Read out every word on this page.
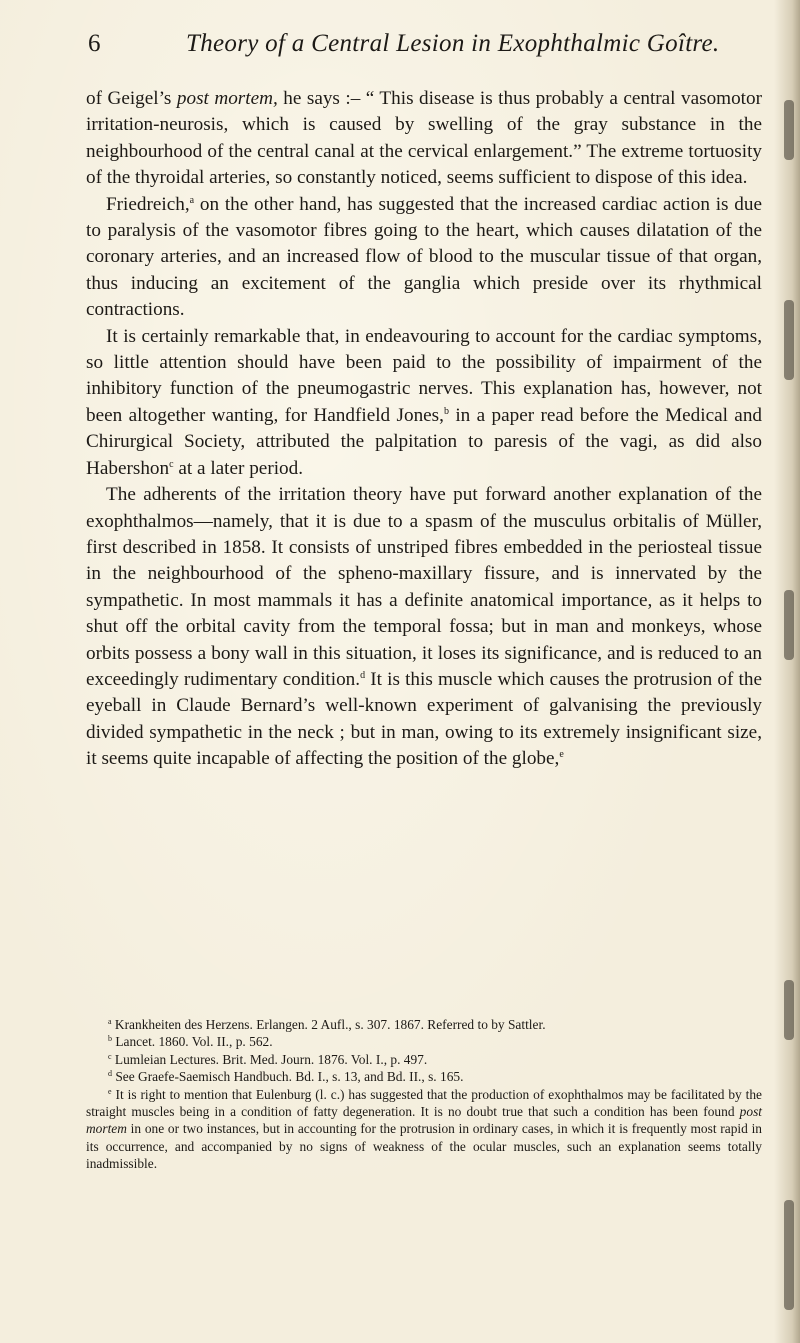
6	Theory of a Central Lesion in Exophthalmic Goître.

of Geigel’s post mortem, he says :– “ This disease is thus probably a central vasomotor irritation-neurosis, which is caused by swelling of the gray substance in the neighbourhood of the central canal at the cervical enlargement.” The extreme tortuosity of the thyroidal arteries, so constantly noticed, seems sufficient to dispose of this idea.

Friedreich,$^a$ on the other hand, has suggested that the increased cardiac action is due to paralysis of the vasomotor fibres going to the heart, which causes dilatation of the coronary arteries, and an increased flow of blood to the muscular tissue of that organ, thus inducing an excitement of the ganglia which preside over its rhythmical contractions.

It is certainly remarkable that, in endeavouring to account for the cardiac symptoms, so little attention should have been paid to the possibility of impairment of the inhibitory function of the pneumogastric nerves. This explanation has, however, not been altogether wanting, for Handfield Jones,$^b$ in a paper read before the Medical and Chirurgical Society, attributed the palpitation to paresis of the vagi, as did also Habershon$^c$ at a later period.

The adherents of the irritation theory have put forward another explanation of the exophthalmos—namely, that it is due to a spasm of the musculus orbitalis of Müller, first described in 1858. It consists of unstriped fibres embedded in the periosteal tissue in the neighbourhood of the spheno-maxillary fissure, and is innervated by the sympathetic. In most mammals it has a definite anatomical importance, as it helps to shut off the orbital cavity from the temporal fossa; but in man and monkeys, whose orbits possess a bony wall in this situation, it loses its significance, and is reduced to an exceedingly rudimentary condition.$^d$ It is this muscle which causes the protrusion of the eyeball in Claude Bernard’s well-known experiment of galvanising the previously divided sympathetic in the neck ; but in man, owing to its extremely insignificant size, it seems quite incapable of affecting the position of the globe,$^e$

$^a$ Krankheiten des Herzens. Erlangen. 2 Aufl., s. 307. 1867. Referred to by Sattler.

$^b$ Lancet. 1860. Vol. II., p. 562.

$^c$ Lumleian Lectures. Brit. Med. Journ. 1876. Vol. I., p. 497.

$^d$ See Graefe-Saemisch Handbuch. Bd. I., s. 13, and Bd. II., s. 165.

$^e$ It is right to mention that Eulenburg (l. c.) has suggested that the production of exophthalmos may be facilitated by the straight muscles being in a condition of fatty degeneration. It is no doubt true that such a condition has been found post mortem in one or two instances, but in accounting for the protrusion in ordinary cases, in which it is frequently most rapid in its occurrence, and accompanied by no signs of weakness of the ocular muscles, such an explanation seems totally inadmissible.
